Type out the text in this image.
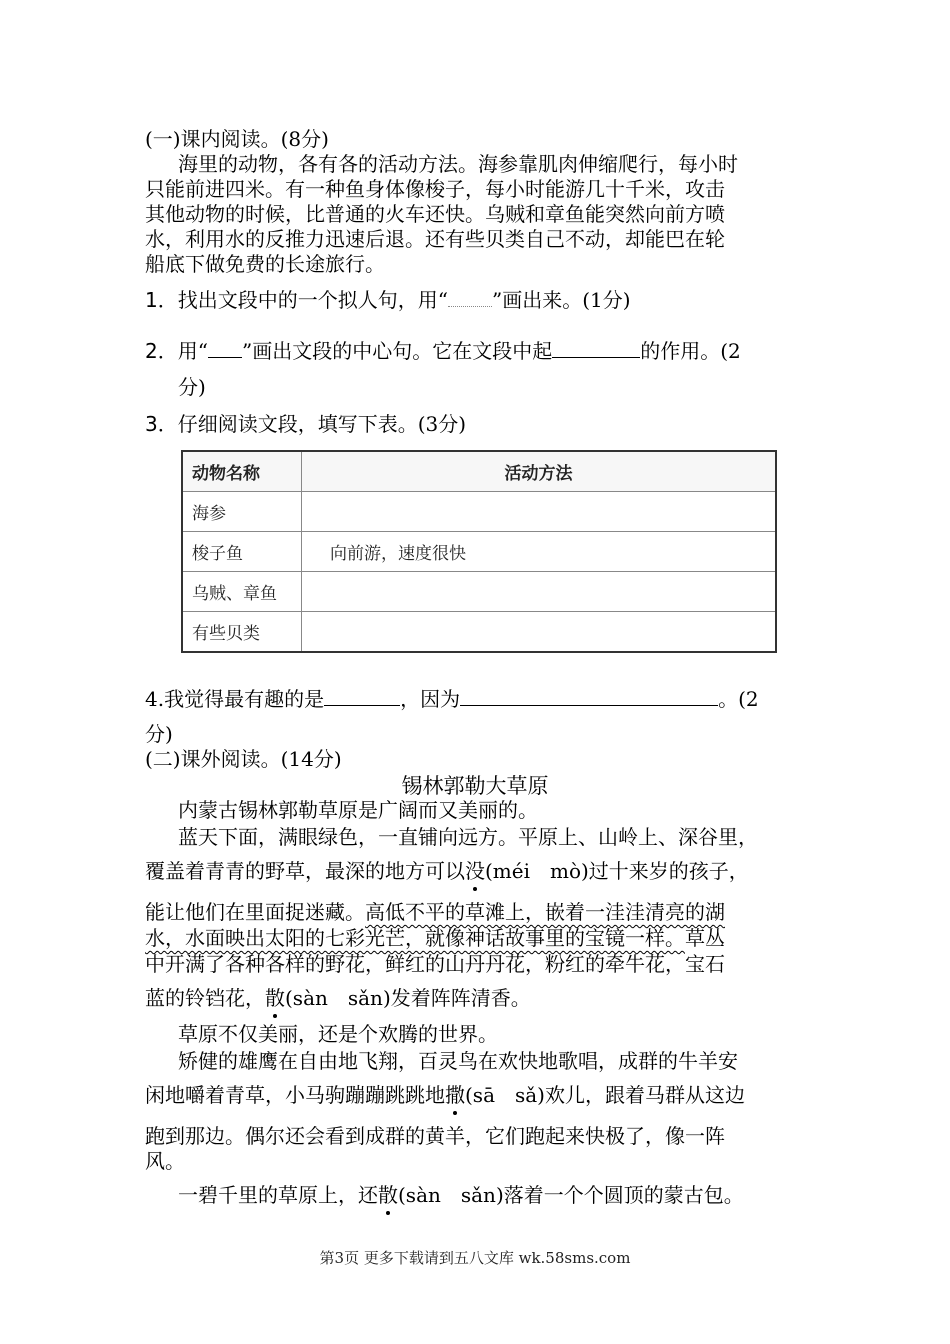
(一)课内阅读。(8分)
海里的动物，各有各的活动方法。海参靠肌肉伸缩爬行，每小时
只能前进四米。有一种鱼身体像梭子，每小时能游几十千米，攻击
其他动物的时候，比普通的火车还快。乌贼和章鱼能突然向前方喷
水，利用水的反推力迅速后退。还有些贝类自己不动，却能巴在轮
船底下做免费的长途旅行。
1．找出文段中的一个拟人句，用“ ”画出来。(1分)
2．用“ ”画出文段的中心句。它在文段中起	的作用。(2
分)
3．仔细阅读文段，填写下表。(3分)
动物名称	活动方法
海参	
梭子鱼	向前游，速度很快
乌贼、章鱼	
有些贝类	
4.我觉得最有趣的是	，因为	。(2
分)
(二)课外阅读。(14分)
锡林郭勒大草原
内蒙古锡林郭勒草原是广阔而又美丽的。
蓝天下面，满眼绿色，一直铺向远方。平原上、山岭上、深谷里，
覆盖着青青的野草，最深的地方可以没(méi　mò)过十来岁的孩子，
能让他们在里面捉迷藏。高低不平的草滩上，嵌着一洼洼清亮的湖
水，水面映出太阳的七彩光芒，就像神话故事里的宝镜一样。草丛
中开满了各种各样的野花，鲜红的山丹丹花，粉红的牵牛花，宝石
蓝的铃铛花，散(sàn　sǎn)发着阵阵清香。
草原不仅美丽，还是个欢腾的世界。
矫健的雄鹰在自由地飞翔，百灵鸟在欢快地歌唱，成群的牛羊安
闲地嚼着青草，小马驹蹦蹦跳跳地撒(sā　sǎ)欢儿，跟着马群从这边
跑到那边。偶尔还会看到成群的黄羊，它们跑起来快极了，像一阵
风。
一碧千里的草原上，还散(sàn　sǎn)落着一个个圆顶的蒙古包。
第3页 更多下载请到五八文库 wk.58sms.com
